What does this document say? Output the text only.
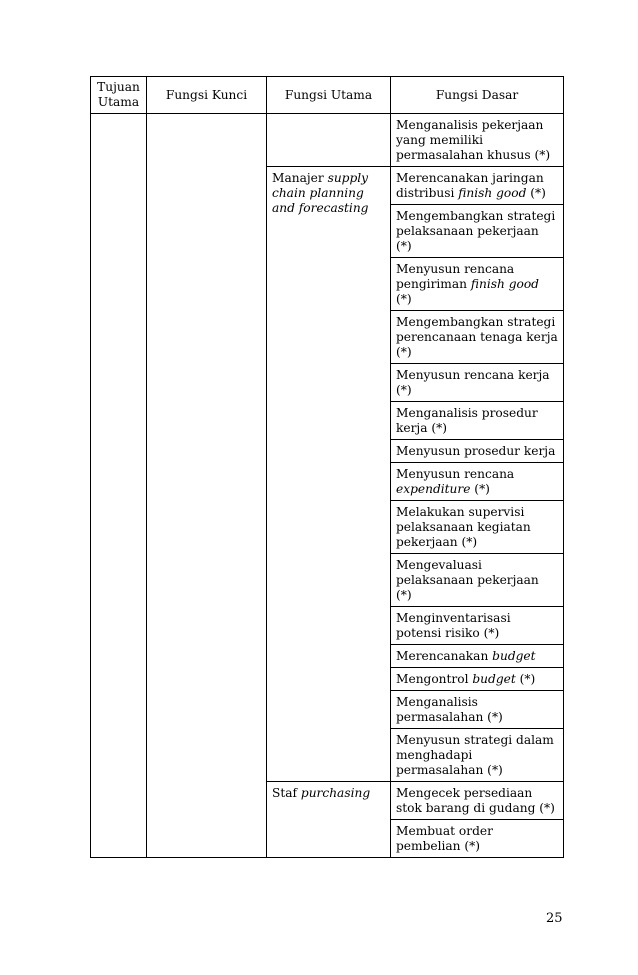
Tujuan Utama	Fungsi Kunci	Fungsi Utama	Fungsi Dasar
			Menganalisis pekerjaan yang memiliki permasalahan khusus (*)
		Manajer supply chain planning and forecasting	Merencanakan jaringan distribusi finish good (*)
			Mengembangkan strategi pelaksanaan pekerjaan (*)
			Menyusun rencana pengiriman finish good (*)
			Mengembangkan strategi perencanaan tenaga kerja (*)
			Menyusun rencana kerja (*)
			Menganalisis prosedur kerja (*)
			Menyusun prosedur kerja
			Menyusun rencana expenditure (*)
			Melakukan supervisi pelaksanaan kegiatan pekerjaan (*)
			Mengevaluasi pelaksanaan pekerjaan (*)
			Menginventarisasi potensi risiko (*)
			Merencanakan budget
			Mengontrol budget (*)
			Menganalisis permasalahan (*)
			Menyusun strategi dalam menghadapi permasalahan (*)
		Staf purchasing	Mengecek persediaan stok barang di gudang (*)
			Membuat order pembelian (*)
25
